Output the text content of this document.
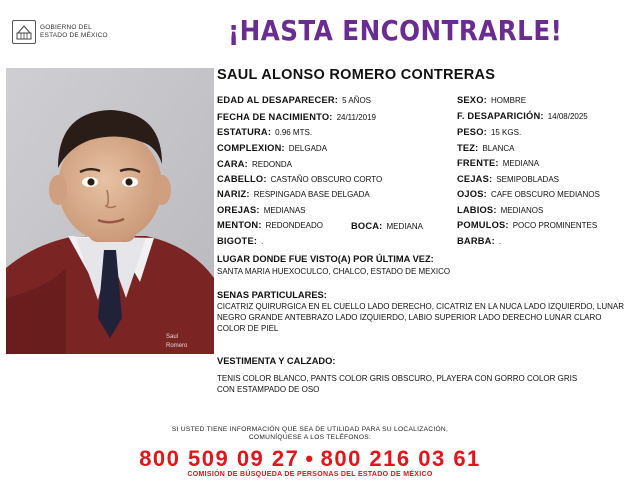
GOBIERNO DEL
ESTADO DE MÉXICO	¡HASTA ENCONTRARLE!
Saul
Romero
SAUL ALONSO ROMERO CONTRERAS
EDAD AL DESAPARECER: 5 AÑOS
FECHA DE NACIMIENTO: 24/11/2019
ESTATURA: 0.96 MTS.
COMPLEXION: DELGADA
CARA: REDONDA
CABELLO: CASTAÑO OBSCURO CORTO
NARIZ: RESPINGADA BASE DELGADA
OREJAS: MEDIANAS
MENTON: REDONDEADO	BOCA: MEDIANA
BIGOTE: .
SEXO: HOMBRE
F. DESAPARICIÓN: 14/08/2025
PESO: 15 KGS.
TEZ: BLANCA
FRENTE: MEDIANA
CEJAS: SEMIPOBLADAS
OJOS: CAFE OBSCURO MEDIANOS
LABIOS: MEDIANOS
POMULOS: POCO PROMINENTES
BARBA: .
LUGAR DONDE FUE VISTO(A) POR ÚLTIMA VEZ:
SANTA MARIA HUEXOCULCO, CHALCO, ESTADO DE MEXICO
SENAS PARTICULARES:
CICATRIZ QUIRURGICA EN EL CUELLO LADO DERECHO, CICATRIZ EN LA NUCA LADO IZQUIERDO, LUNAR NEGRO GRANDE ANTEBRAZO LADO IZQUIERDO, LABIO SUPERIOR LADO DERECHO LUNAR CLARO COLOR DE PIEL
VESTIMENTA Y CALZADO:
TENIS COLOR BLANCO, PANTS COLOR GRIS OBSCURO, PLAYERA CON GORRO COLOR GRIS CON ESTAMPADO DE OSO
SI USTED TIENE INFORMACIÓN QUE SEA DE UTILIDAD PARA SU LOCALIZACIÓN,
COMUNÍQUESE A LOS TELÉFONOS:
800 509 09 27 • 800 216 03 61
COMISIÓN DE BÚSQUEDA DE PERSONAS DEL ESTADO DE MÉXICO
